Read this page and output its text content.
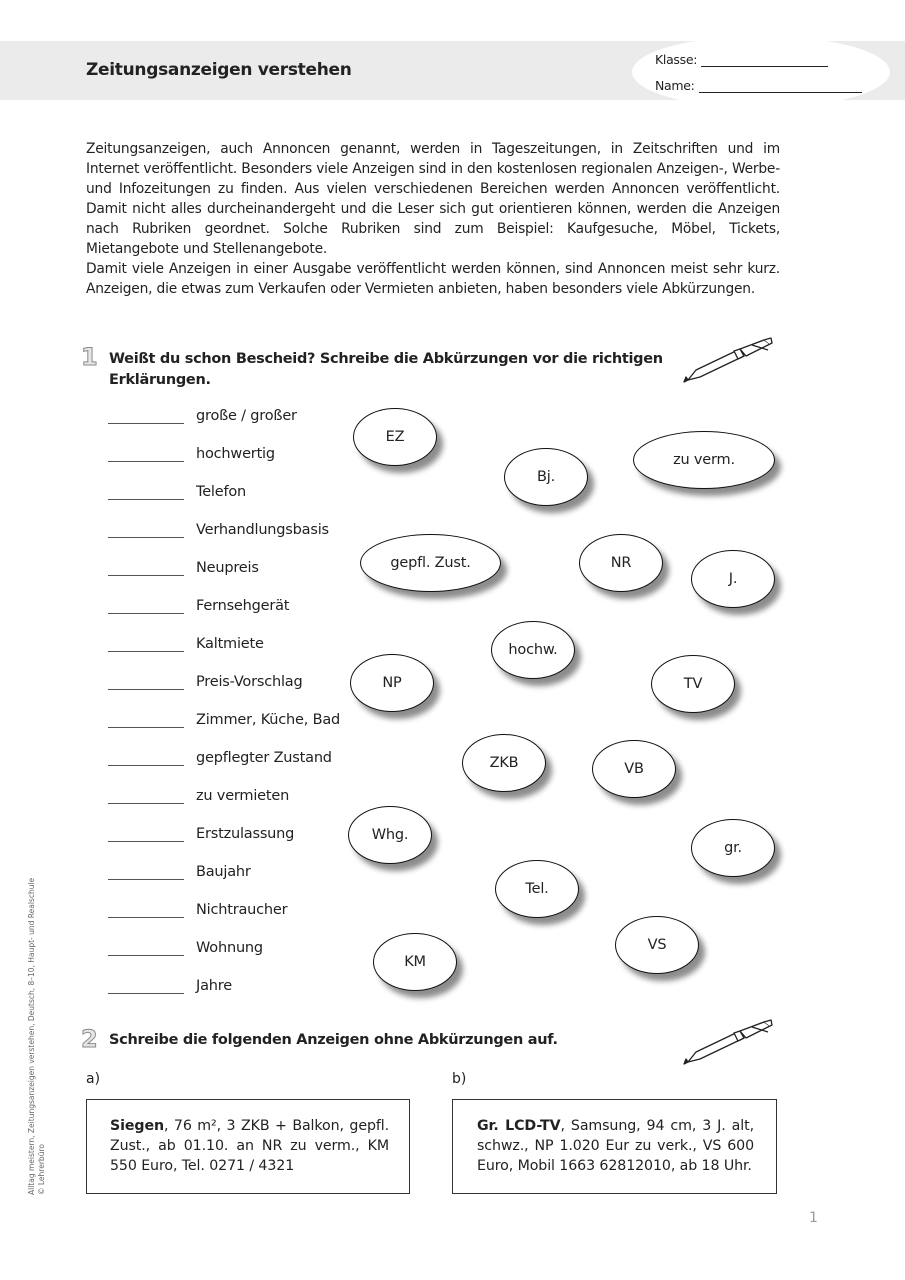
Zeitungsanzeigen verstehen
Klasse:
Name:

Zeitungsanzeigen, auch Annoncen genannt, werden in Tageszeitungen, in Zeitschriften und im Internet veröffentlicht. Besonders viele Anzeigen sind in den kostenlosen regionalen Anzeigen-, Werbe- und Infozeitungen zu finden. Aus vielen verschiedenen Bereichen werden Annoncen veröffentlicht. Damit nicht alles durcheinandergeht und die Leser sich gut orientieren können, werden die Anzeigen nach Rubriken geordnet. Solche Rubriken sind zum Beispiel: Kaufgesuche, Möbel, Tickets, Mietangebote und Stellenangebote.

Damit viele Anzeigen in einer Ausgabe veröffentlicht werden können, sind Annoncen meist sehr kurz. Anzeigen, die etwas zum Verkaufen oder Vermieten anbieten, haben besonders viele Abkürzungen.

1 Weißt du schon Bescheid? Schreibe die Abkürzungen vor die richtigen Erklärungen.
große / großer
hochwertig
Telefon
Verhandlungsbasis
Neupreis
Fernsehgerät
Kaltmiete
Preis-Vorschlag
Zimmer, Küche, Bad
gepflegter Zustand
zu vermieten
Erstzulassung
Baujahr
Nichtraucher
Wohnung
Jahre
EZ
Bj.
zu verm.
gepfl. Zust.	NR
J.
hochw.
NP	TV
ZKB	VB
Whg.
gr.
Tel.
VS
KM
2 Schreibe die folgenden Anzeigen ohne Abkürzungen auf.
a)	b)
Siegen, 76 m², 3 ZKB + Balkon, gepfl. Zust., ab 01.10. an NR zu verm., KM 550 Euro, Tel. 0271 / 4321
Gr. LCD-TV, Samsung, 94 cm, 3 J. alt, schwz., NP 1.020 Eur zu verk., VS 600 Euro, Mobil 1663 62812010, ab 18 Uhr.
Alltag meistern, Zeitungsanzeigen verstehen, Deutsch, 8–10, Haupt- und Realschule © Lehrerbüro
1
